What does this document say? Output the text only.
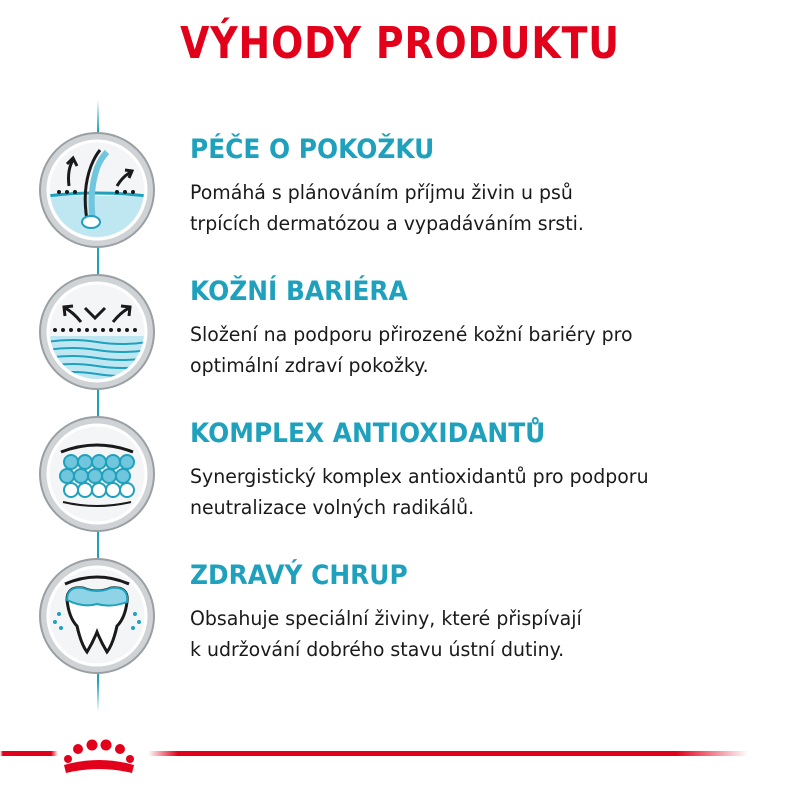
VÝHODY PRODUKTU
PÉČE O POKOŽKU
Pomáhá s plánováním příjmu živin u psů
trpících dermatózou a vypadáváním srsti.
KOŽNÍ BARIÉRA
Složení na podporu přirozené kožní bariéry pro
optimální zdraví pokožky.
KOMPLEX ANTIOXIDANTŮ
Synergistický komplex antioxidantů pro podporu
neutralizace volných radikálů.
ZDRAVÝ CHRUP
Obsahuje speciální živiny, které přispívají
k udržování dobrého stavu ústní dutiny.
